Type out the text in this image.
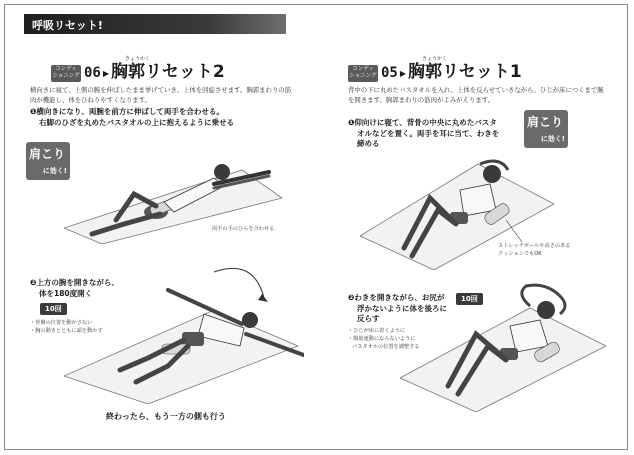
呼吸リセット!
コンディ
ショニング 06 ▶
きょうかく
胸郭リセット2
横向きに寝て、上側の腕を伸ばしたまま挙げていき、上体を回旋させます。胸郭まわりの筋肉が機能し、体をひねりやすくなります。
❶横向きになり、両腕を前方に伸ばして両手を合わせる。
右脚のひざを丸めたバスタオルの上に抱えるように乗せる
肩こり
に効く!
両手の手のひらを合わせる
❷上方の腕を開きながら、
体を180度開く
10回
・骨盤の位置を動かさない
・胸の動きとともに頭を動かす
終わったら、もう一方の側も行う
コンディ
ショニング 05 ▶
きょうかく
胸郭リセット1
背中の下に丸めたバスタオルを入れ、上体を反らせていきながら、ひじが床につくまで腕を開きます。胸郭まわりの筋肉がよみがえります。
❶仰向けに寝て、背骨の中央に丸めたバスタ
オルなどを置く。両手を耳に当て、わきを
締める
肩こり
に効く!
ストレッチポールや高さのある
クッションでもOK
❷わきを開きながら、お尻が
浮かないように体を後ろに
反らす
10回
・ひじが床に着くように
・腹筋運動にならないように
バスタオルの位置を調整する
